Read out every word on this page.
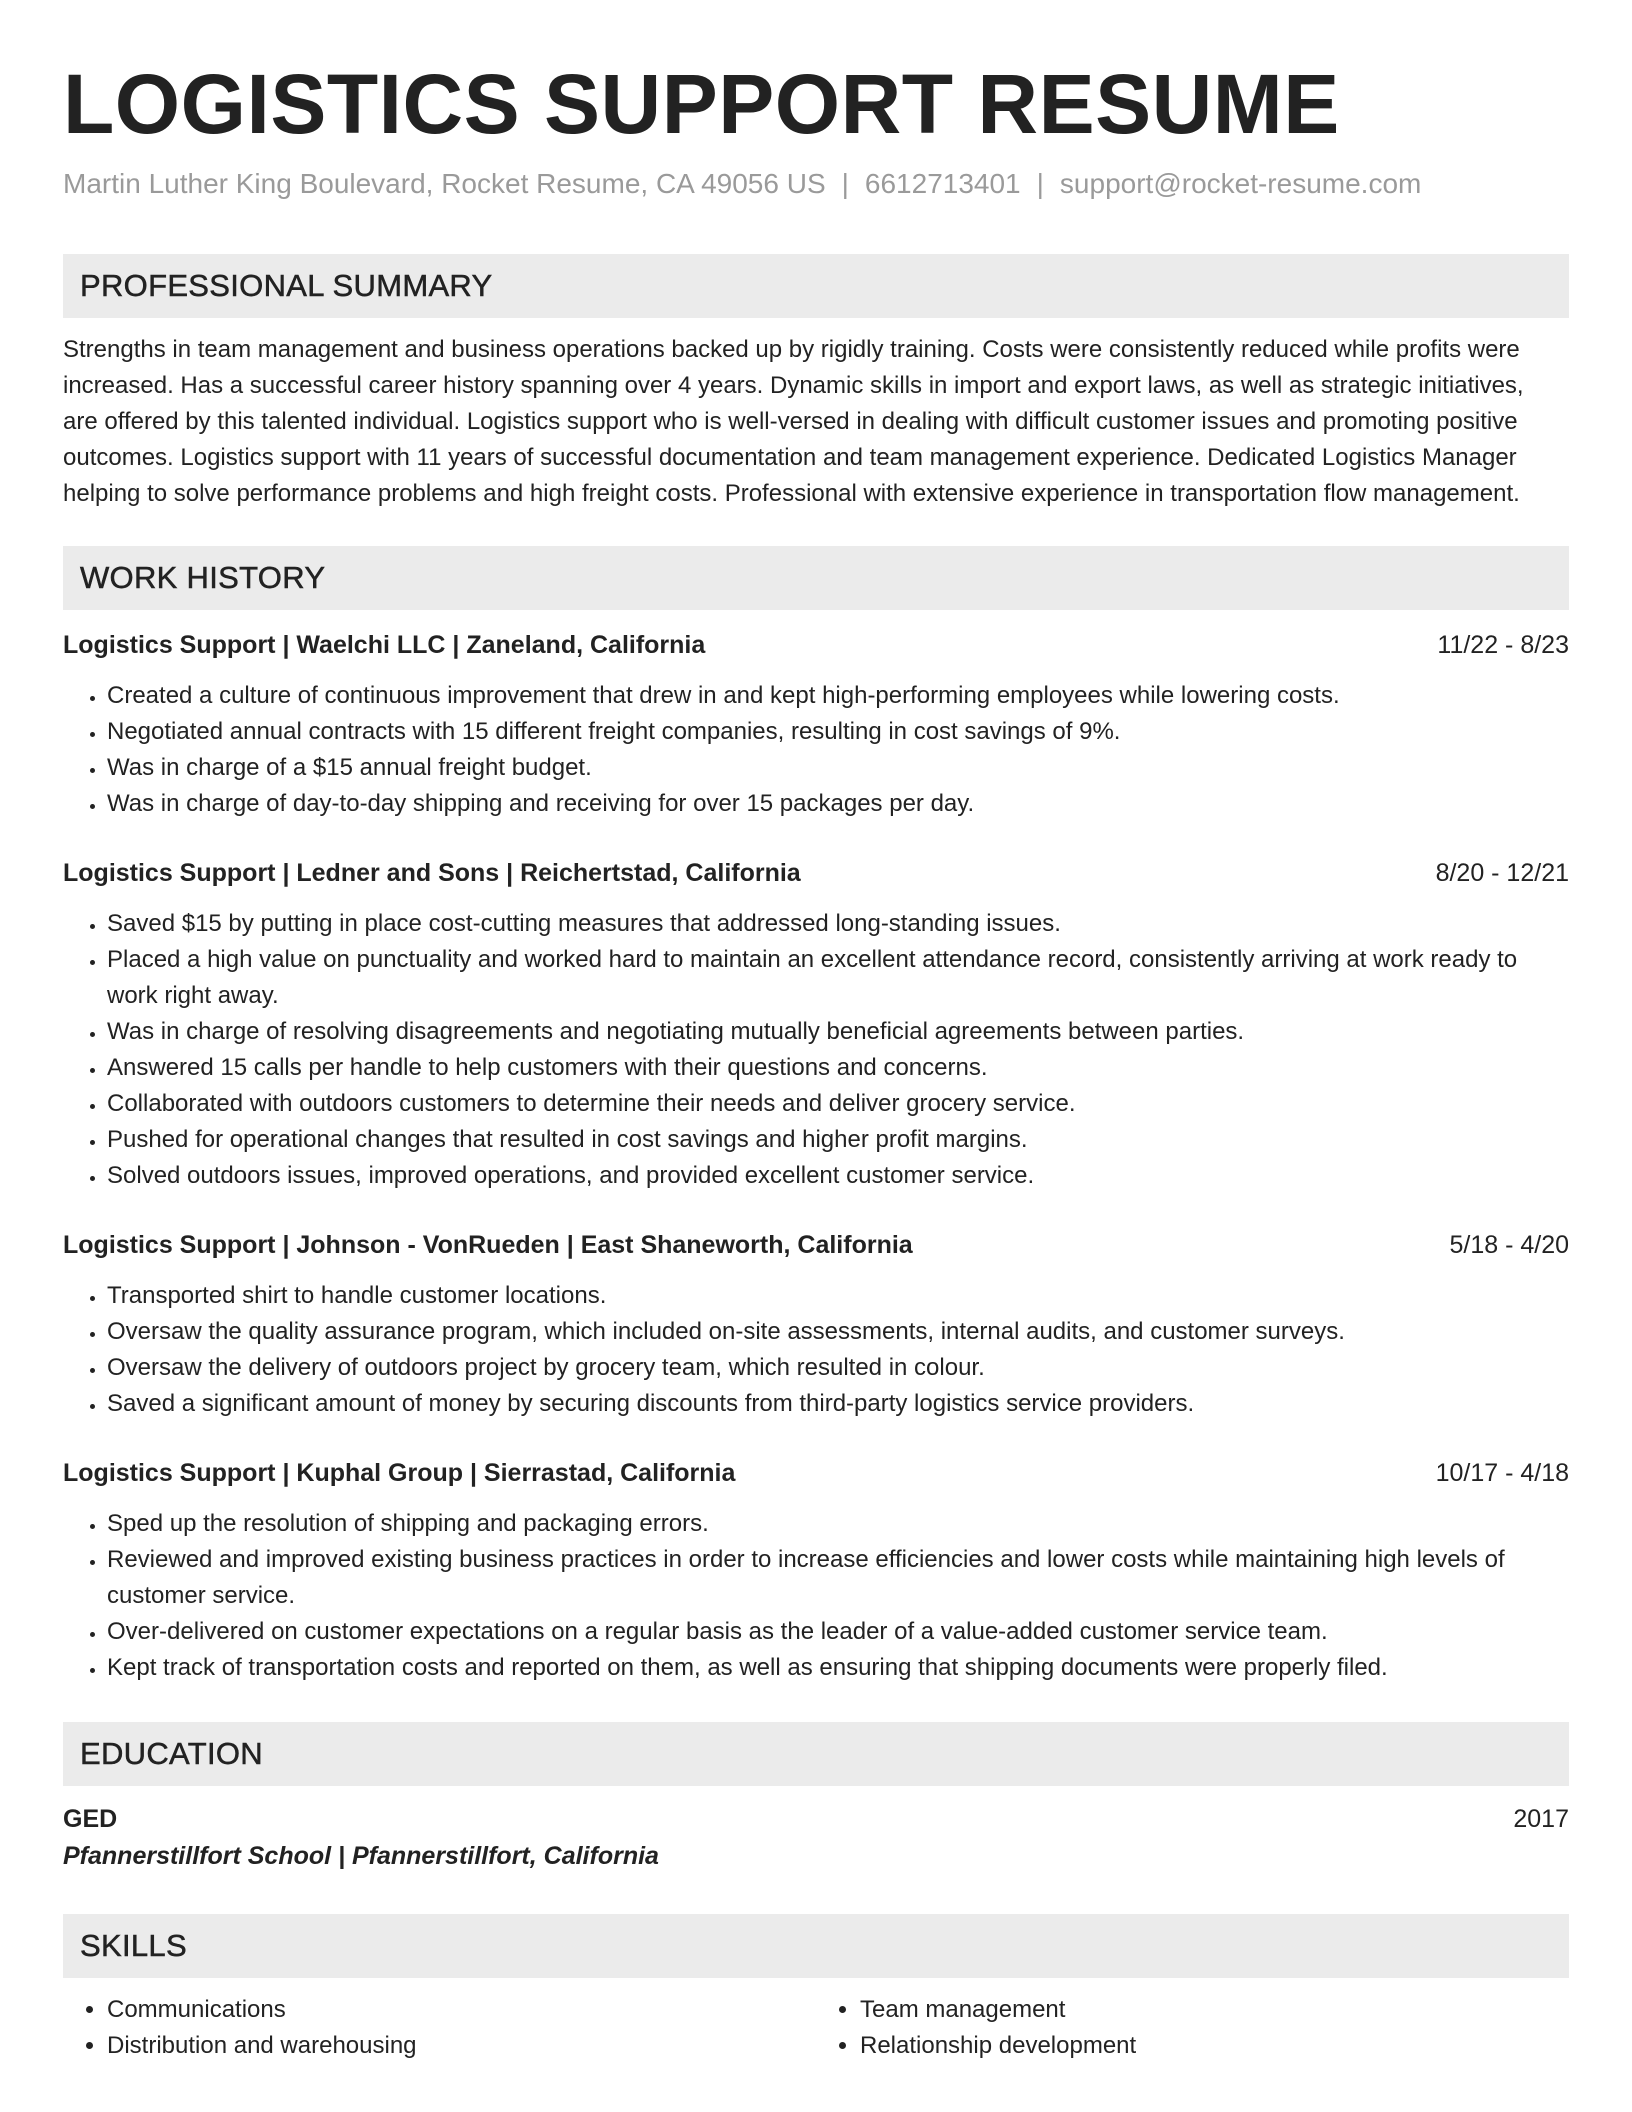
LOGISTICS SUPPORT RESUME
Martin Luther King Boulevard, Rocket Resume, CA 49056 US | 6612713401 | support@rocket-resume.com
PROFESSIONAL SUMMARY

Strengths in team management and business operations backed up by rigidly training. Costs were consistently reduced while profits were increased. Has a successful career history spanning over 4 years. Dynamic skills in import and export laws, as well as strategic initiatives, are offered by this talented individual. Logistics support who is well-versed in dealing with difficult customer issues and promoting positive outcomes. Logistics support with 11 years of successful documentation and team management experience. Dedicated Logistics Manager helping to solve performance problems and high freight costs. Professional with extensive experience in transportation flow management.

WORK HISTORY
Logistics Support | Waelchi LLC | Zaneland, California	11/22 - 8/23
• Created a culture of continuous improvement that drew in and kept high-performing employees while lowering costs.
• Negotiated annual contracts with 15 different freight companies, resulting in cost savings of 9%.
• Was in charge of a $15 annual freight budget.
• Was in charge of day-to-day shipping and receiving for over 15 packages per day.
Logistics Support | Ledner and Sons | Reichertstad, California	8/20 - 12/21
• Saved $15 by putting in place cost-cutting measures that addressed long-standing issues.
• Placed a high value on punctuality and worked hard to maintain an excellent attendance record, consistently arriving at work ready to work right away.
• Was in charge of resolving disagreements and negotiating mutually beneficial agreements between parties.
• Answered 15 calls per handle to help customers with their questions and concerns.
• Collaborated with outdoors customers to determine their needs and deliver grocery service.
• Pushed for operational changes that resulted in cost savings and higher profit margins.
• Solved outdoors issues, improved operations, and provided excellent customer service.
Logistics Support | Johnson - VonRueden | East Shaneworth, California	5/18 - 4/20
• Transported shirt to handle customer locations.
• Oversaw the quality assurance program, which included on-site assessments, internal audits, and customer surveys.
• Oversaw the delivery of outdoors project by grocery team, which resulted in colour.
• Saved a significant amount of money by securing discounts from third-party logistics service providers.
Logistics Support | Kuphal Group | Sierrastad, California	10/17 - 4/18
• Sped up the resolution of shipping and packaging errors.
• Reviewed and improved existing business practices in order to increase efficiencies and lower costs while maintaining high levels of customer service.
• Over-delivered on customer expectations on a regular basis as the leader of a value-added customer service team.
• Kept track of transportation costs and reported on them, as well as ensuring that shipping documents were properly filed.
EDUCATION
GED	2017
Pfannerstillfort School | Pfannerstillfort, California
SKILLS
• Communications
• Distribution and warehousing
• Team management
• Relationship development
